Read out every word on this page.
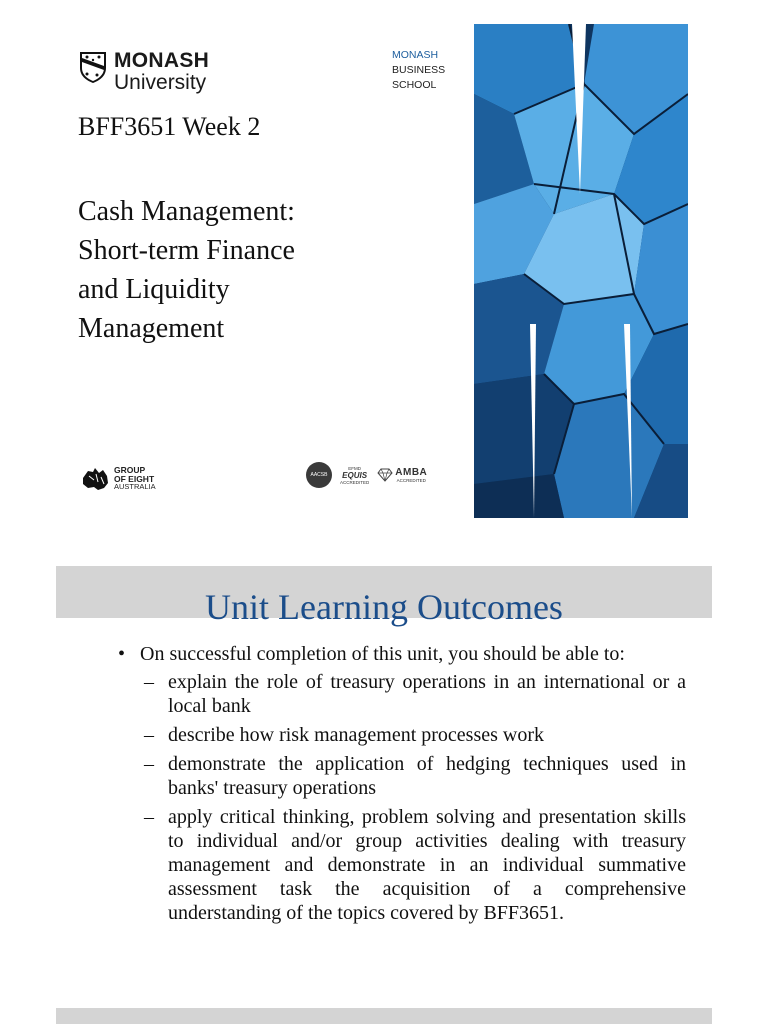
MONASH
University
MONASH
BUSINESS
SCHOOL
BFF3651 Week 2
Cash Management:
Short-term Finance
and Liquidity
Management
GROUP
OF EIGHT
AUSTRALIA
AACSB
EFMD
EQUIS
ACCREDITED
AMBA
ACCREDITED
Unit Learning Outcomes
• On successful completion of this unit, you should be able to:
– explain the role of treasury operations in an international or a local bank
– describe how risk management processes work
– demonstrate the application of hedging techniques used in banks' treasury operations
– apply critical thinking, problem solving and presentation skills to individual and/or group activities dealing with treasury management and demonstrate in an individual summative assessment task the acquisition of a comprehensive understanding of the topics covered by BFF3651.
